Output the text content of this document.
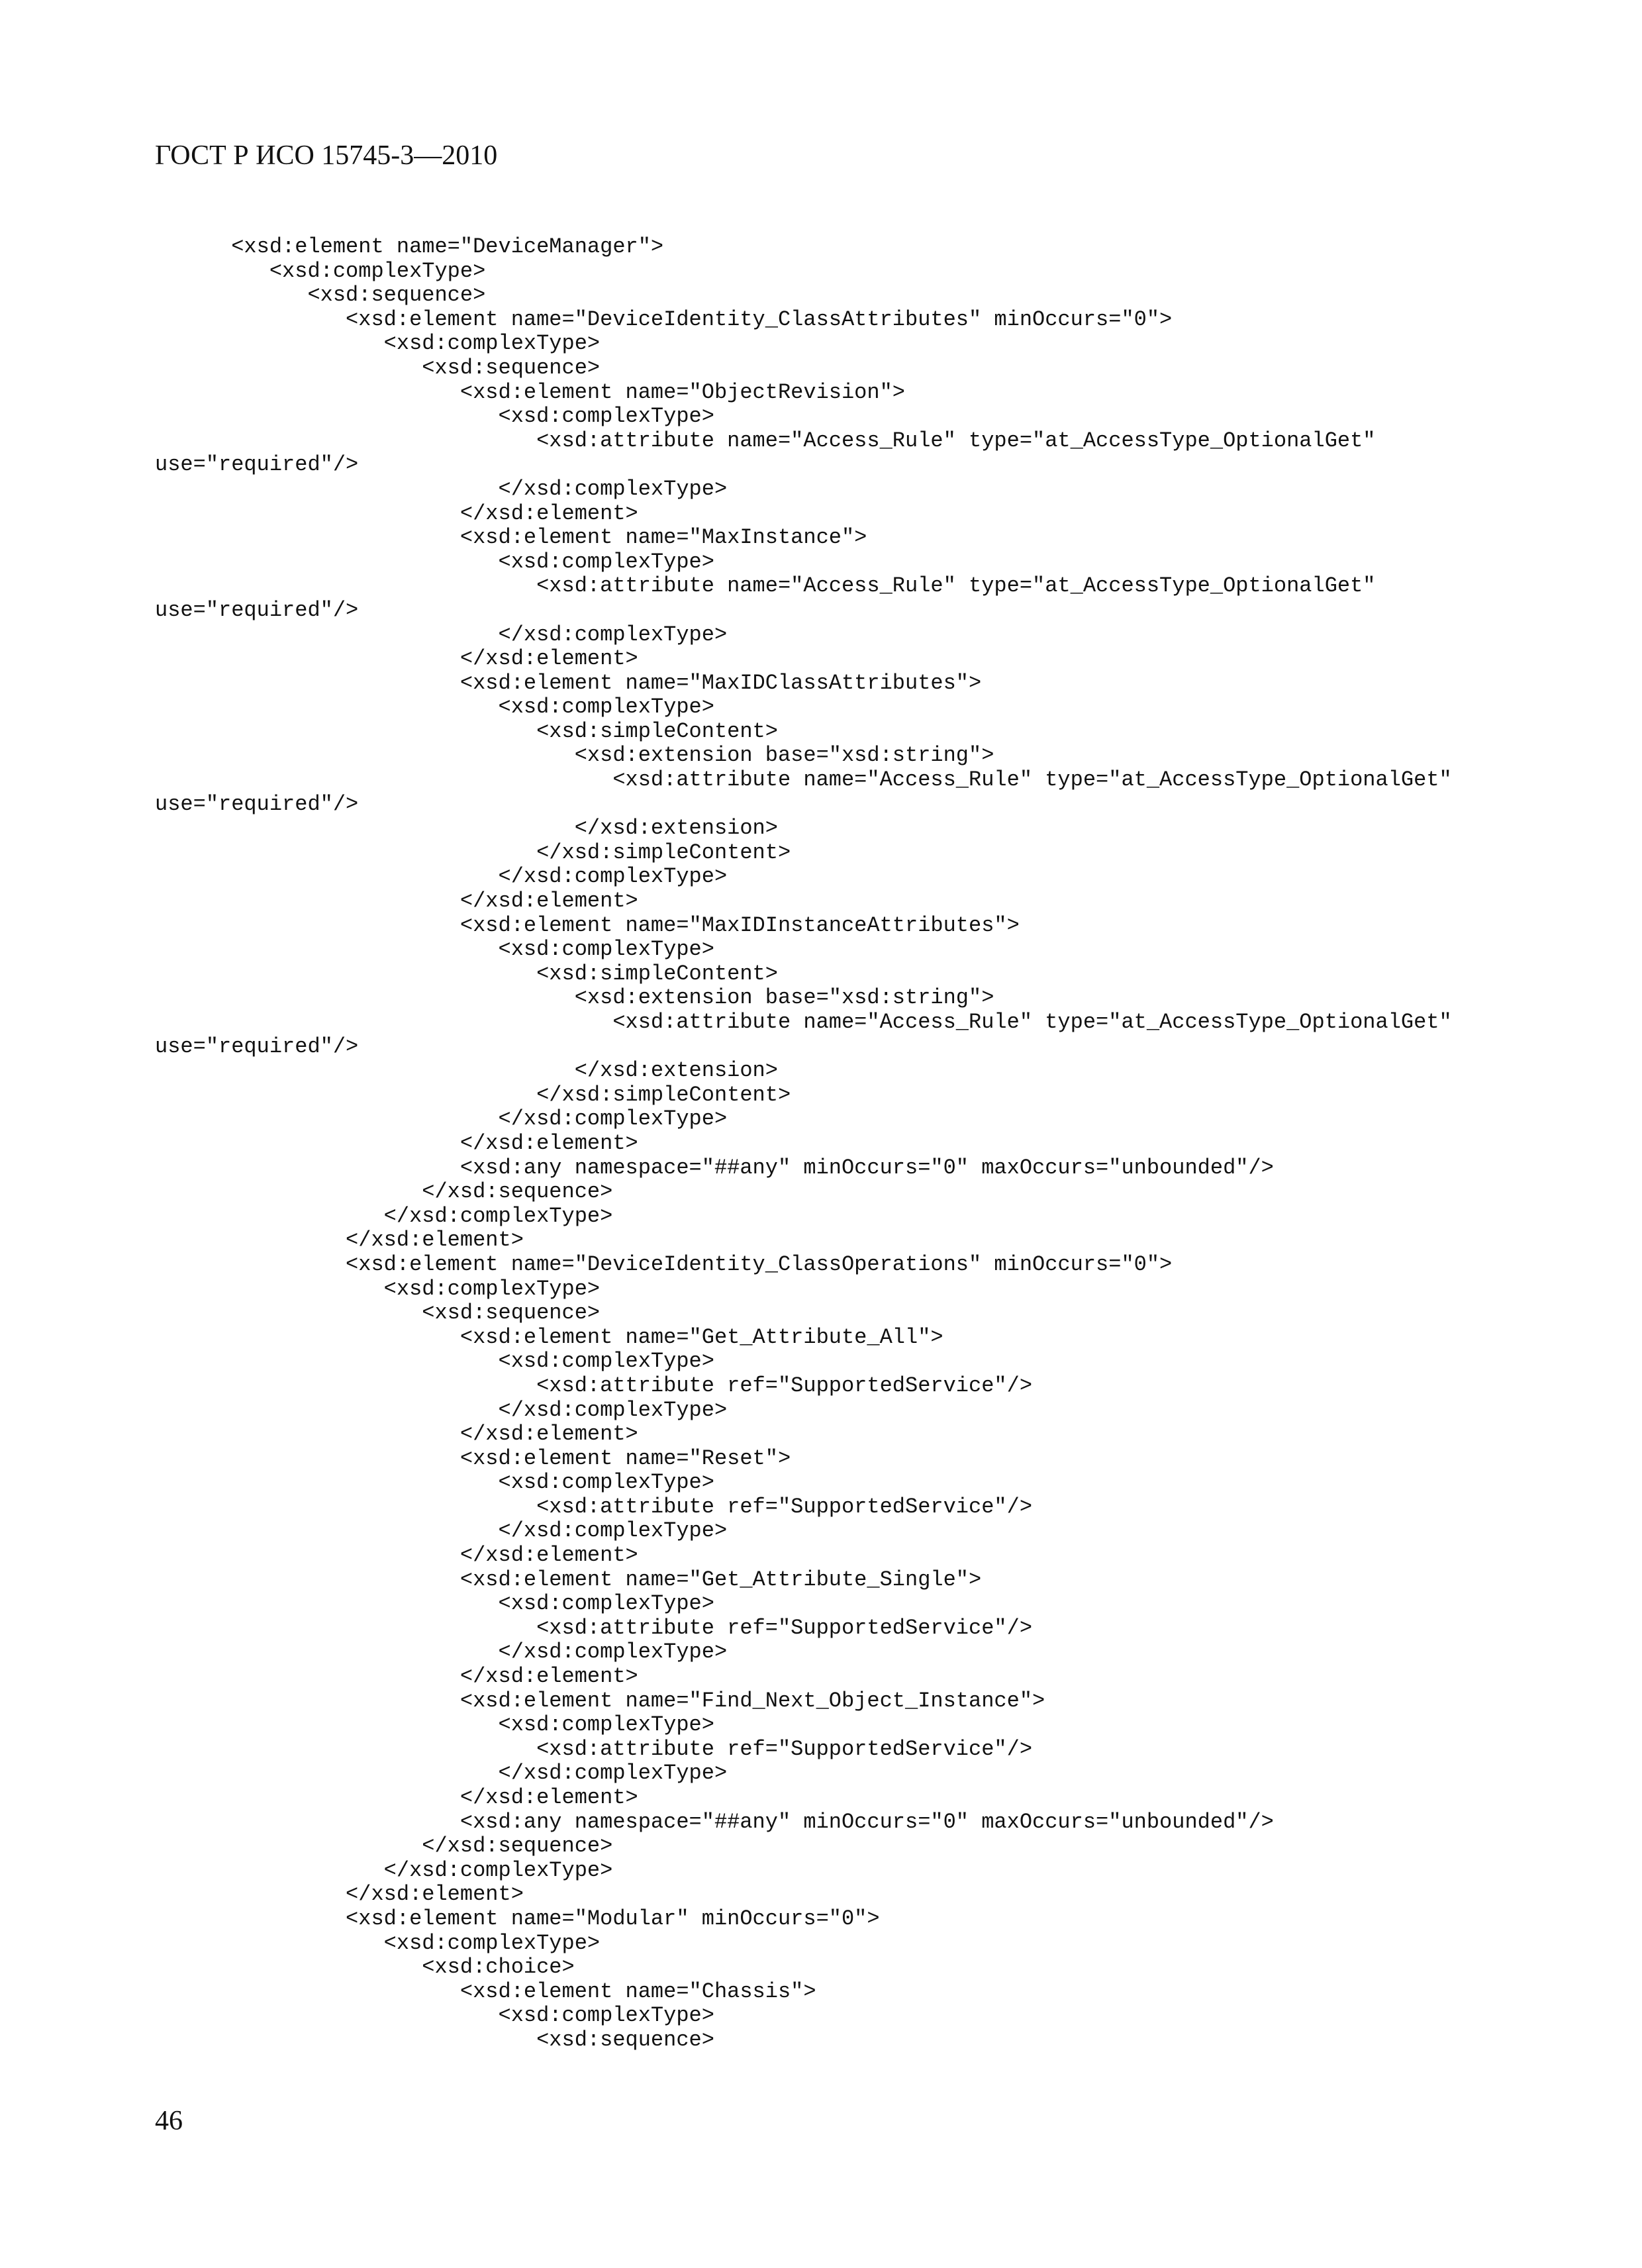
ГОСТ Р ИСО 15745-3—2010
<xsd:element name="DeviceManager">
<xsd:complexType>
<xsd:sequence>
<xsd:element name="DeviceIdentity_ClassAttributes" minOccurs="0">
<xsd:complexType>
<xsd:sequence>
<xsd:element name="ObjectRevision">
<xsd:complexType>
<xsd:attribute name="Access_Rule" type="at_AccessType_OptionalGet"
use="required"/>
</xsd:complexType>
</xsd:element>
<xsd:element name="MaxInstance">
<xsd:complexType>
<xsd:attribute name="Access_Rule" type="at_AccessType_OptionalGet"
use="required"/>
</xsd:complexType>
</xsd:element>
<xsd:element name="MaxIDClassAttributes">
<xsd:complexType>
<xsd:simpleContent>
<xsd:extension base="xsd:string">
<xsd:attribute name="Access_Rule" type="at_AccessType_OptionalGet"
use="required"/>
</xsd:extension>
</xsd:simpleContent>
</xsd:complexType>
</xsd:element>
<xsd:element name="MaxIDInstanceAttributes">
<xsd:complexType>
<xsd:simpleContent>
<xsd:extension base="xsd:string">
<xsd:attribute name="Access_Rule" type="at_AccessType_OptionalGet"
use="required"/>
</xsd:extension>
</xsd:simpleContent>
</xsd:complexType>
</xsd:element>
<xsd:any namespace="##any" minOccurs="0" maxOccurs="unbounded"/>
</xsd:sequence>
</xsd:complexType>
</xsd:element>
<xsd:element name="DeviceIdentity_ClassOperations" minOccurs="0">
<xsd:complexType>
<xsd:sequence>
<xsd:element name="Get_Attribute_All">
<xsd:complexType>
<xsd:attribute ref="SupportedService"/>
</xsd:complexType>
</xsd:element>
<xsd:element name="Reset">
<xsd:complexType>
<xsd:attribute ref="SupportedService"/>
</xsd:complexType>
</xsd:element>
<xsd:element name="Get_Attribute_Single">
<xsd:complexType>
<xsd:attribute ref="SupportedService"/>
</xsd:complexType>
</xsd:element>
<xsd:element name="Find_Next_Object_Instance">
<xsd:complexType>
<xsd:attribute ref="SupportedService"/>
</xsd:complexType>
</xsd:element>
<xsd:any namespace="##any" minOccurs="0" maxOccurs="unbounded"/>
</xsd:sequence>
</xsd:complexType>
</xsd:element>
<xsd:element name="Modular" minOccurs="0">
<xsd:complexType>
<xsd:choice>
<xsd:element name="Chassis">
<xsd:complexType>
<xsd:sequence>
46
